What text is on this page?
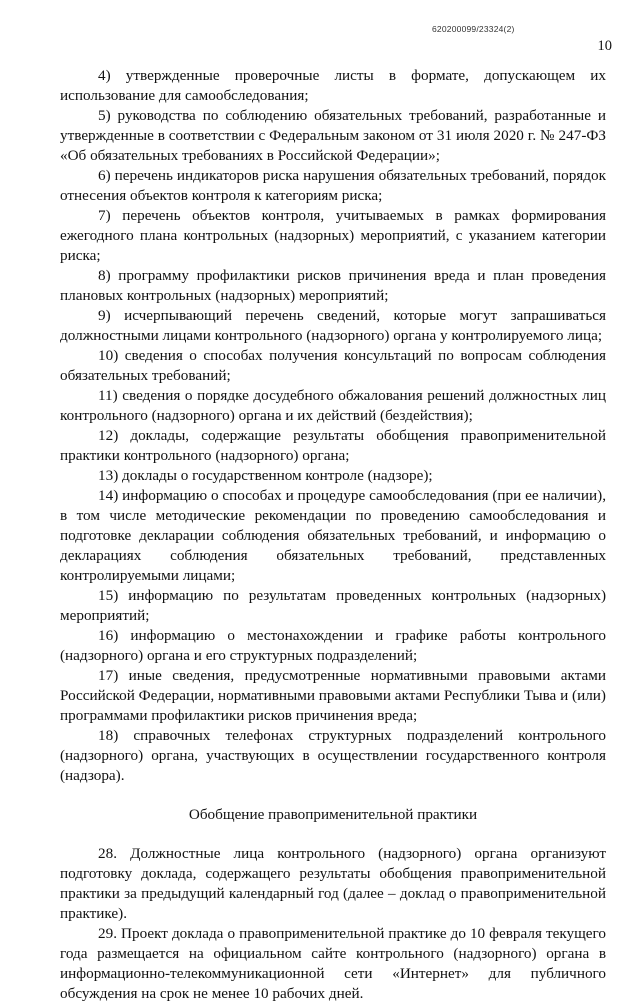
620200099/23324(2)
10

4) утвержденные проверочные листы в формате, допускающем их использование для самообследования;

5) руководства по соблюдению обязательных требований, разработанные и утвержденные в соответствии с Федеральным законом от 31 июля 2020 г. № 247-ФЗ «Об обязательных требованиях в Российской Федерации»;

6) перечень индикаторов риска нарушения обязательных требований, порядок отнесения объектов контроля к категориям риска;

7) перечень объектов контроля, учитываемых в рамках формирования ежегодного плана контрольных (надзорных) мероприятий, с указанием категории риска;

8) программу профилактики рисков причинения вреда и план проведения плановых контрольных (надзорных) мероприятий;

9) исчерпывающий перечень сведений, которые могут запрашиваться должностными лицами контрольного (надзорного) органа у контролируемого лица;

10) сведения о способах получения консультаций по вопросам соблюдения обязательных требований;

11) сведения о порядке досудебного обжалования решений должностных лиц контрольного (надзорного) органа и их действий (бездействия);

12) доклады, содержащие результаты обобщения правоприменительной практики контрольного (надзорного) органа;

13) доклады о государственном контроле (надзоре);

14) информацию о способах и процедуре самообследования (при ее наличии), в том числе методические рекомендации по проведению самообследования и подготовке декларации соблюдения обязательных требований, и информацию о декларациях соблюдения обязательных требований, представленных контролируемыми лицами;

15) информацию по результатам проведенных контрольных (надзорных) мероприятий;

16) информацию о местонахождении и графике работы контрольного (надзорного) органа и его структурных подразделений;

17) иные сведения, предусмотренные нормативными правовыми актами Российской Федерации, нормативными правовыми актами Республики Тыва и (или) программами профилактики рисков причинения вреда;

18) справочных телефонах структурных подразделений контрольного (надзорного) органа, участвующих в осуществлении государственного контроля (надзора).

Обобщение правоприменительной практики

28. Должностные лица контрольного (надзорного) органа организуют подготовку доклада, содержащего результаты обобщения правоприменительной практики за предыдущий календарный год (далее – доклад о правоприменительной практике).

29. Проект доклада о правоприменительной практике до 10 февраля текущего года размещается на официальном сайте контрольного (надзорного) органа в информационно-телекоммуникационной сети «Интернет» для публичного обсуждения на срок не менее 10 рабочих дней.
